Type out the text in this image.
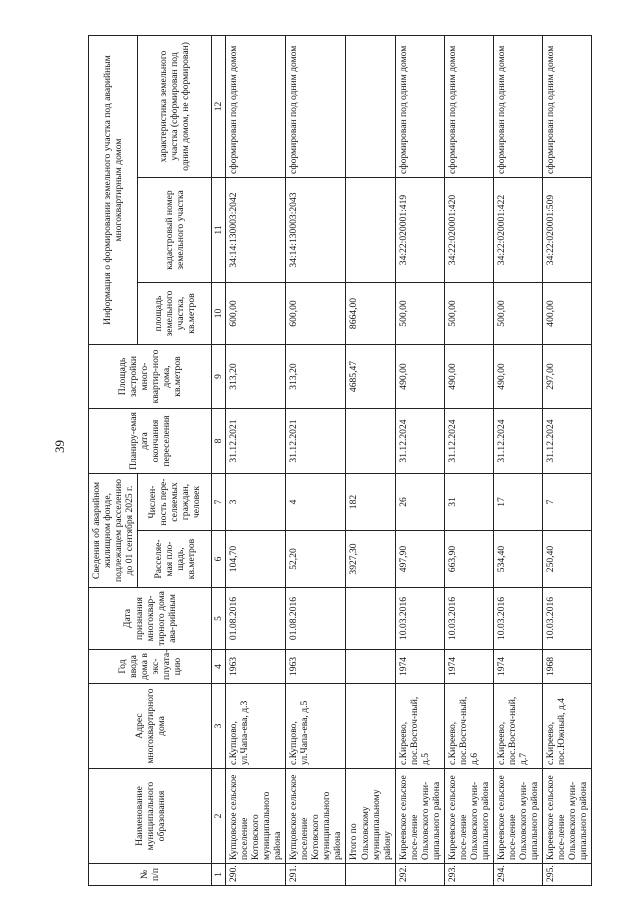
39
№ п/п	Наименование муниципального образования	Адрес многоквартирного дома	Год ввода дома в экс-плуата-цию	Дата признания многоквар-тирного дома ава-рийным	Сведения об аварийном жилищном фонде, подлежащем расселению до 01 сентября 2025 г.		Планиру-емая дата окончания переселения	Площадь застройки много-квартир-ного дома, кв.метров	Информация о формировании земельного участка под аварийным многоквартирным домом		
					Расселяе-мая пло-щадь, кв.метров	Числен-ность пере-селяемых граждан, человек			площадь земельного участка, кв.метров	кадастровый номер земельного участка	характеристика земельного участка (сформирован под одним домом, не сформирован)
1	2	3	4	5	6	7	8	9	10	11	12
290.	Купцовское сельское поселение Котовского муниципального района	с.Купцово, ул.Чапа-ева, д.3	1963	01.08.2016	104,70	3	31.12.2021	313,20	600,00	34:14:130003:2042	сформирован под одним домом
291.	Купцовское сельское поселение Котовского муниципального района	с.Купцово, ул.Чапа-ева, д.5	1963	01.08.2016	52,20	4	31.12.2021	313,20	600,00	34:14:130003:2043	сформирован под одним домом
	Итого по Ольховскому муниципальному району				3927,30	182		4685,47	8664,00		
292.	Киреевское сельское посе-ление Ольховского муни-ципального района	с.Киреево, пос.Восточ-ный, д.5	1974	10.03.2016	497,90	26	31.12.2024	490,00	500,00	34:22:020001:419	сформирован под одним домом
293.	Киреевское сельское посе-ление Ольховского муни-ципального района	с.Киреево, пос.Восточ-ный, д.6	1974	10.03.2016	663,90	31	31.12.2024	490,00	500,00	34:22:020001:420	сформирован под одним домом
294.	Киреевское сельское посе-ление Ольховского муни-ципального района	с.Киреево, пос.Восточ-ный, д.7	1974	10.03.2016	534,40	17	31.12.2024	490,00	500,00	34:22:020001:422	сформирован под одним домом
295.	Киреевское сельское посе-ление Ольховского муни-ципального района	с.Киреево, пос.Южный, д.4	1968	10.03.2016	250,40	7	31.12.2024	297,00	400,00	34:22:020001:509	сформирован под одним домом
